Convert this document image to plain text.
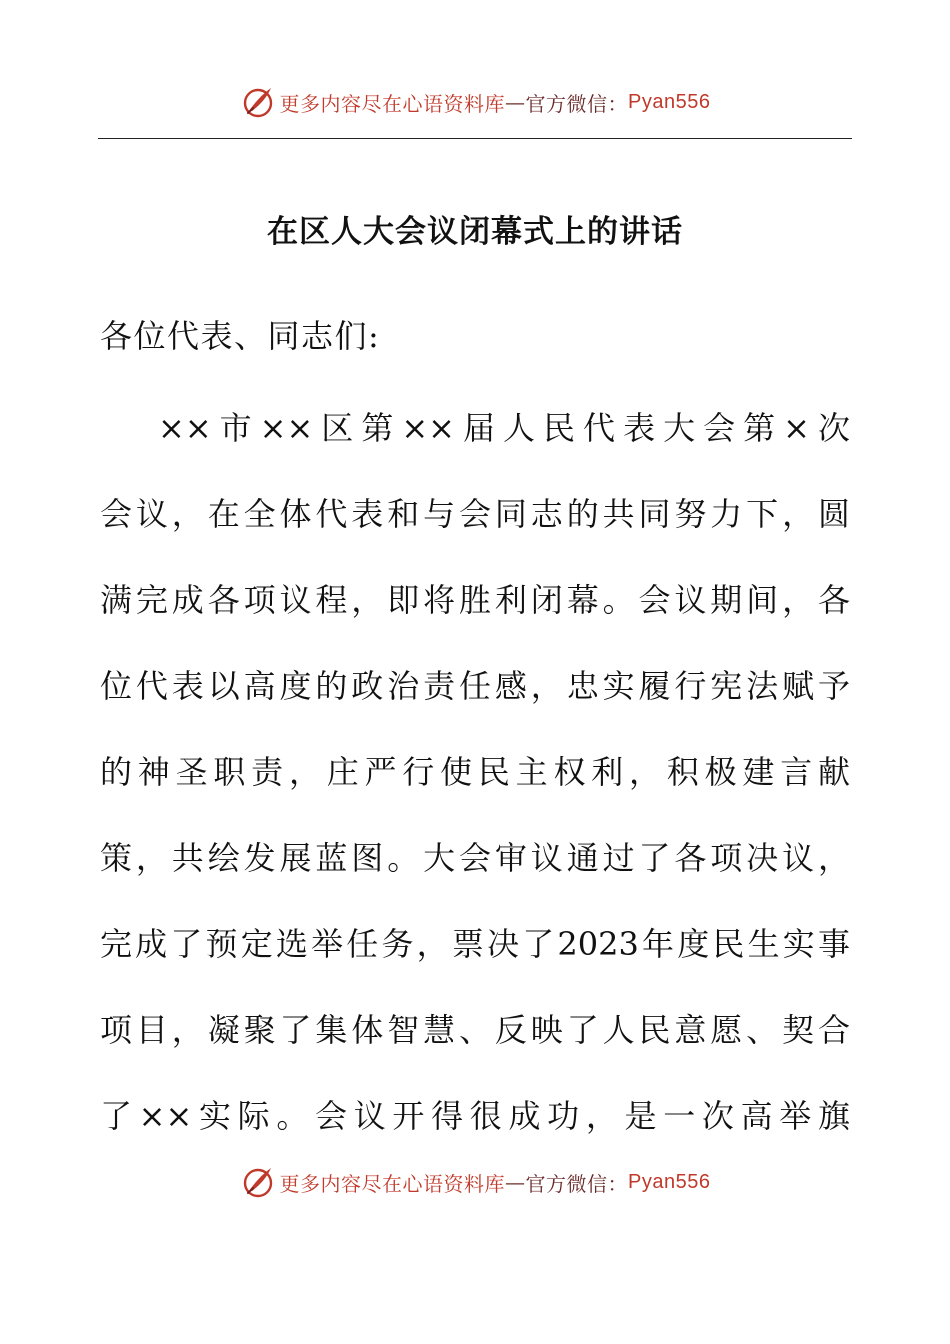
更多内容尽在心语资料库 — 官方微信： Pyan556
在区人大会议闭幕式上的讲话
各位代表、同志们:
××市××区第××届人民代表大会第×次
会议，在全体代表和与会同志的共同努力下，圆
满完成各项议程，即将胜利闭幕。会议期间，各
位代表以高度的政治责任感，忠实履行宪法赋予
的神圣职责，庄严行使民主权利，积极建言献
策，共绘发展蓝图。大会审议通过了各项决议，
完成了预定选举任务，票决了2023年度民生实事
项目，凝聚了集体智慧、反映了人民意愿、契合
了××实际。会议开得很成功，是一次高举旗
更多内容尽在心语资料库 — 官方微信： Pyan556
